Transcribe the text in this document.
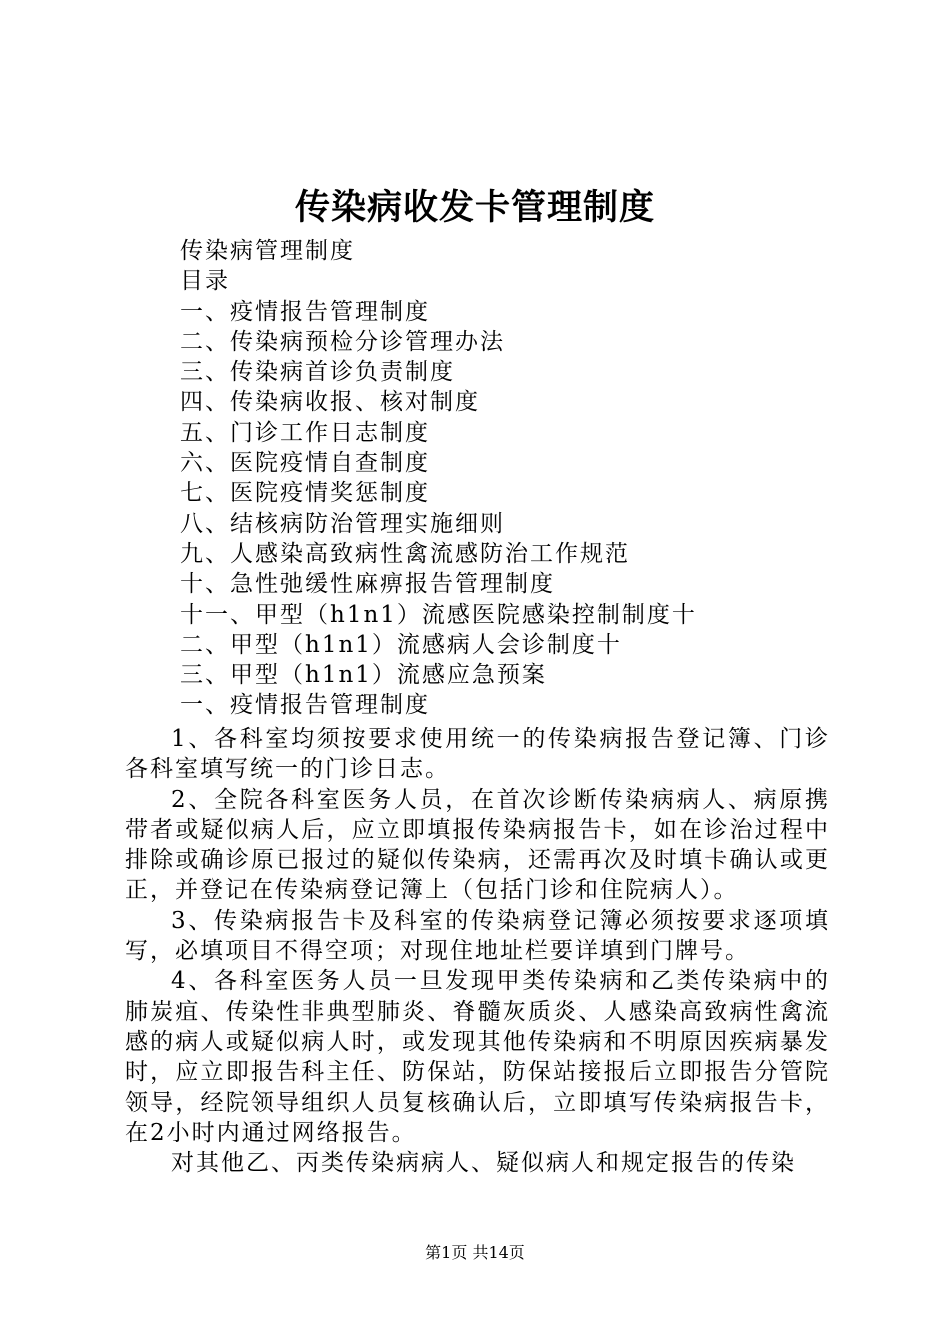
传染病收发卡管理制度
传染病管理制度
目录
一、疫情报告管理制度
二、传染病预检分诊管理办法
三、传染病首诊负责制度
四、传染病收报、核对制度
五、门诊工作日志制度
六、医院疫情自查制度
七、医院疫情奖惩制度
八、结核病防治管理实施细则
九、人感染高致病性禽流感防治工作规范
十、急性弛缓性麻痹报告管理制度
十一、甲型（h1n1）流感医院感染控制制度十
二、甲型（h1n1）流感病人会诊制度十
三、甲型（h1n1）流感应急预案
一、疫情报告管理制度

1、各科室均须按要求使用统一的传染病报告登记簿、门诊各科室填写统一的门诊日志。

2、全院各科室医务人员，在首次诊断传染病病人、病原携带者或疑似病人后，应立即填报传染病报告卡，如在诊治过程中排除或确诊原已报过的疑似传染病，还需再次及时填卡确认或更正，并登记在传染病登记簿上（包括门诊和住院病人）。

3、传染病报告卡及科室的传染病登记簿必须按要求逐项填写，必填项目不得空项；对现住地址栏要详填到门牌号。

4、各科室医务人员一旦发现甲类传染病和乙类传染病中的肺炭疽、传染性非典型肺炎、脊髓灰质炎、人感染高致病性禽流感的病人或疑似病人时，或发现其他传染病和不明原因疾病暴发时，应立即报告科主任、防保站，防保站接报后立即报告分管院领导，经院领导组织人员复核确认后，立即填写传染病报告卡，在2小时内通过网络报告。

对其他乙、丙类传染病病人、疑似病人和规定报告的传染

第1页 共14页
